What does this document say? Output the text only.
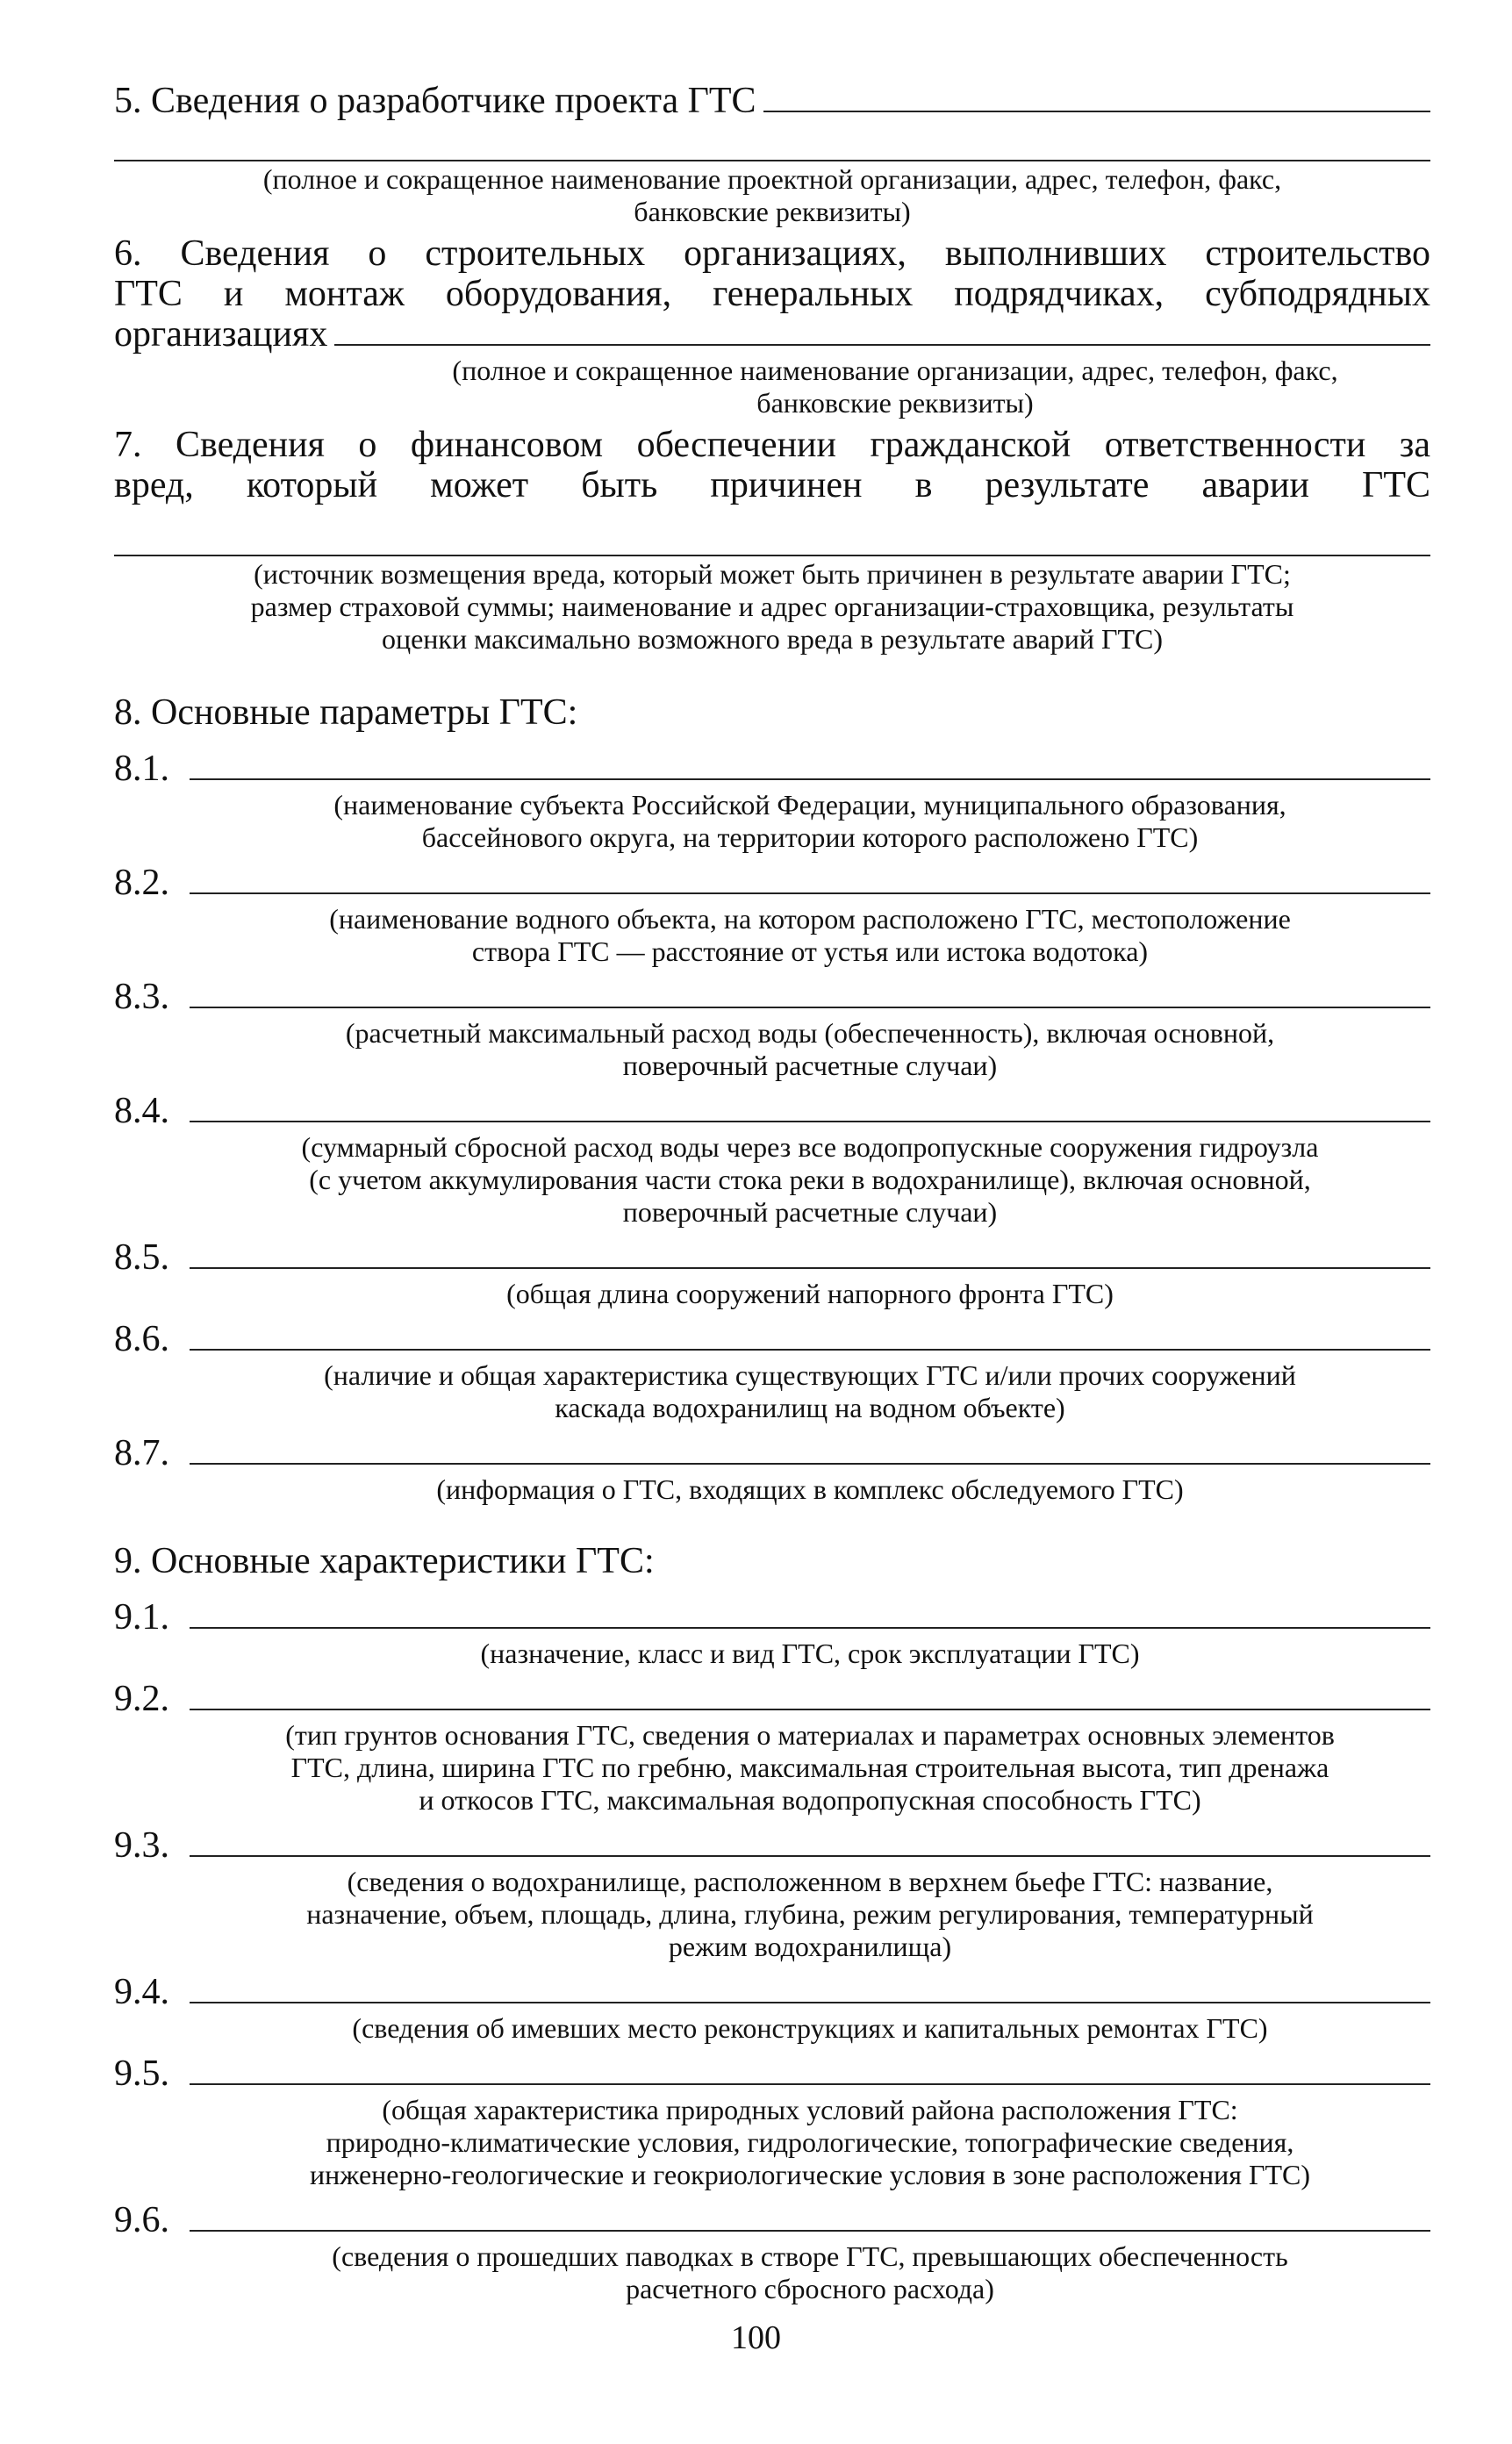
5. Сведения о разработчике проекта ГТС
(полное и сокращенное наименование проектной организации, адрес, телефон, факс,
банковские реквизиты)
6. Сведения о строительных организациях, выполнивших строительство
ГТС и монтаж оборудования, генеральных подрядчиках, субподрядных
организациях
(полное и сокращенное наименование организации, адрес, телефон, факс,
банковские реквизиты)
7. Сведения о финансовом обеспечении гражданской ответственности за
вред, который может быть причинен в результате аварии ГТС
(источник возмещения вреда, который может быть причинен в результате аварии ГТС;
размер страховой суммы; наименование и адрес организации-страховщика, результаты
оценки максимально возможного вреда в результате аварий ГТС)
8. Основные параметры ГТС:
8.1.
(наименование субъекта Российской Федерации, муниципального образования,
бассейнового округа, на территории которого расположено ГТС)
8.2.
(наименование водного объекта, на котором расположено ГТС, местоположение
створа ГТС — расстояние от устья или истока водотока)
8.3.
(расчетный максимальный расход воды (обеспеченность), включая основной,
поверочный расчетные случаи)
8.4.
(суммарный сбросной расход воды через все водопропускные сооружения гидроузла
(с учетом аккумулирования части стока реки в водохранилище), включая основной,
поверочный расчетные случаи)
8.5.
(общая длина сооружений напорного фронта ГТС)
8.6.
(наличие и общая характеристика существующих ГТС и/или прочих сооружений
каскада водохранилищ на водном объекте)
8.7.
(информация о ГТС, входящих в комплекс обследуемого ГТС)
9. Основные характеристики ГТС:
9.1.
(назначение, класс и вид ГТС, срок эксплуатации ГТС)
9.2.
(тип грунтов основания ГТС, сведения о материалах и параметрах основных элементов
ГТС, длина, ширина ГТС по гребню, максимальная строительная высота, тип дренажа
и откосов ГТС, максимальная водопропускная способность ГТС)
9.3.
(сведения о водохранилище, расположенном в верхнем бьефе ГТС: название,
назначение, объем, площадь, длина, глубина, режим регулирования, температурный
режим водохранилища)
9.4.
(сведения об имевших место реконструкциях и капитальных ремонтах ГТС)
9.5.
(общая характеристика природных условий района расположения ГТС:
природно-климатические условия, гидрологические, топографические сведения,
инженерно-геологические и геокриологические условия в зоне расположения ГТС)
9.6.
(сведения о прошедших паводках в створе ГТС, превышающих обеспеченность
расчетного сбросного расхода)
100
